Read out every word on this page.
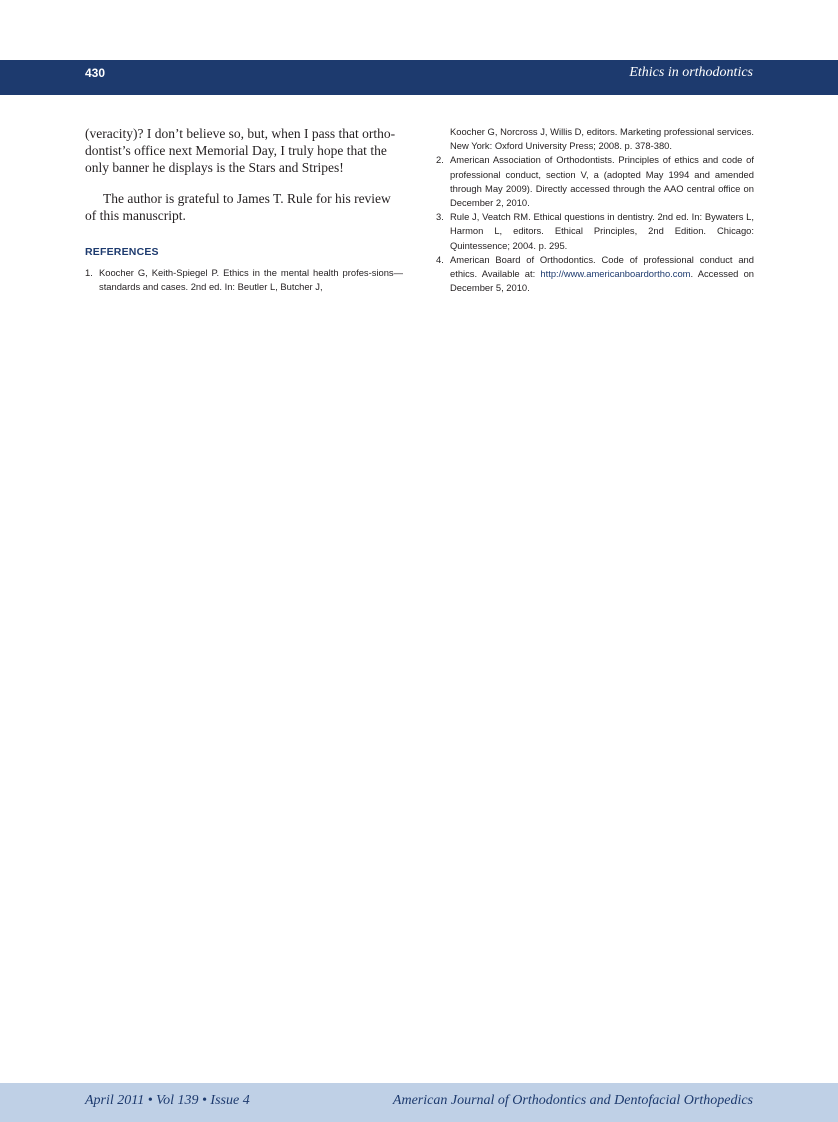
430	Ethics in orthodontics

(veracity)? I don’t believe so, but, when I pass that ortho-dontist’s office next Memorial Day, I truly hope that the only banner he displays is the Stars and Stripes!

The author is grateful to James T. Rule for his review of this manuscript.

REFERENCES
1. Koocher G, Keith-Spiegel P. Ethics in the mental health profes-sions—standards and cases. 2nd ed. In: Beutler L, Butcher J,
Koocher G, Norcross J, Willis D, editors. Marketing professional services. New York: Oxford University Press; 2008. p. 378-380.
2. American Association of Orthodontists. Principles of ethics and code of professional conduct, section V, a (adopted May 1994 and amended through May 2009). Directly accessed through the AAO central office on December 2, 2010.
3. Rule J, Veatch RM. Ethical questions in dentistry. 2nd ed. In: Bywaters L, Harmon L, editors. Ethical Principles, 2nd Edition. Chicago: Quintessence; 2004. p. 295.
4. American Board of Orthodontics. Code of professional conduct and ethics. Available at: http://www.americanboardortho.com. Accessed on December 5, 2010.
April 2011 • Vol 139 • Issue 4	American Journal of Orthodontics and Dentofacial Orthopedics
